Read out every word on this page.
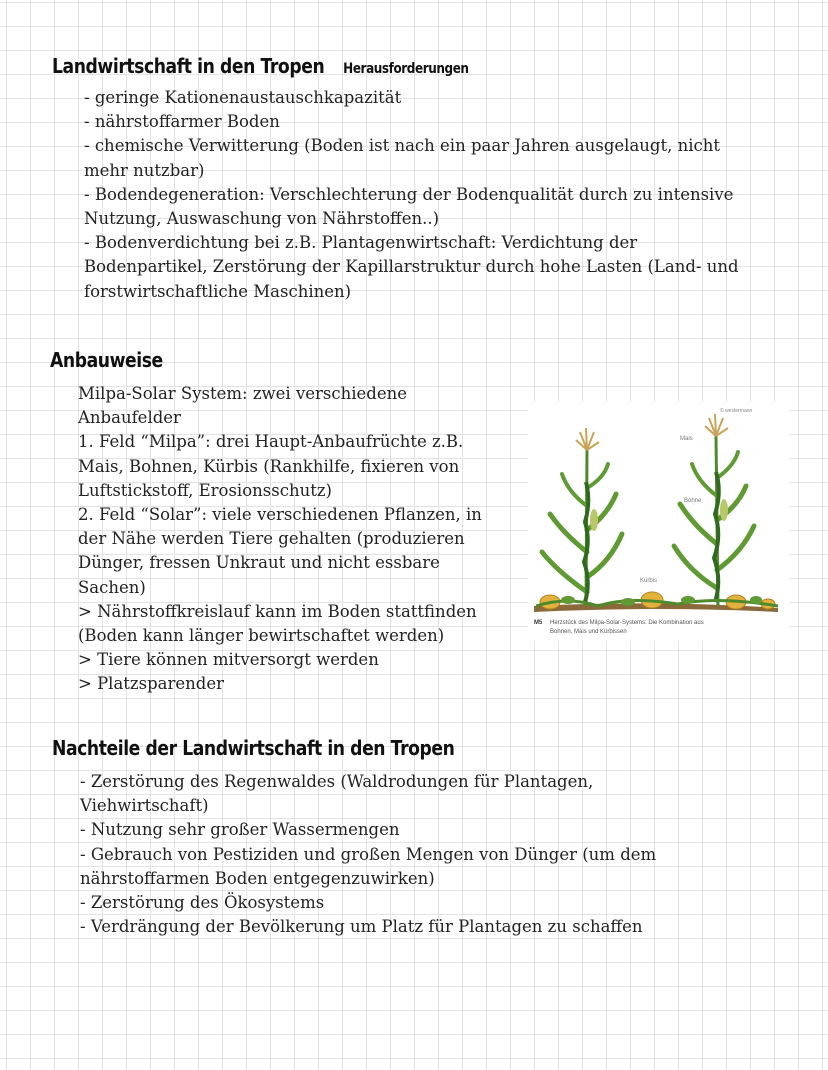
Landwirtschaft in den Tropen Herausforderungen
- geringe Kationenaustauschkapazität
- nährstoffarmer Boden
- chemische Verwitterung (Boden ist nach ein paar Jahren ausgelaugt, nicht
mehr nutzbar)
- Bodendegeneration: Verschlechterung der Bodenqualität durch zu intensive
Nutzung, Auswaschung von Nährstoffen..)
- Bodenverdichtung bei z.B. Plantagenwirtschaft: Verdichtung der
Bodenpartikel, Zerstörung der Kapillarstruktur durch hohe Lasten (Land- und
forstwirtschaftliche Maschinen)
Anbauweise
Milpa-Solar System: zwei verschiedene
Anbaufelder
1. Feld “Milpa”: drei Haupt-Anbaufrüchte z.B.
Mais, Bohnen, Kürbis (Rankhilfe, fixieren von
Luftstickstoff, Erosionsschutz)
2. Feld “Solar”: viele verschiedenen Pflanzen, in
der Nähe werden Tiere gehalten (produzieren
Dünger, fressen Unkraut und nicht essbare
Sachen)
> Nährstoffkreislauf kann im Boden stattfinden
(Boden kann länger bewirtschaftet werden)
> Tiere können mitversorgt werden
> Platzsparender
© westermann
Mais
Bohne
Kürbis
M5 Herzstück des Milpa-Solar-Systems: Die Kombination aus
Bohnen, Mais und Kürbissen
Nachteile der Landwirtschaft in den Tropen
- Zerstörung des Regenwaldes (Waldrodungen für Plantagen,
Viehwirtschaft)
- Nutzung sehr großer Wassermengen
- Gebrauch von Pestiziden und großen Mengen von Dünger (um dem
nährstoffarmen Boden entgegenzuwirken)
- Zerstörung des Ökosystems
- Verdrängung der Bevölkerung um Platz für Plantagen zu schaffen
